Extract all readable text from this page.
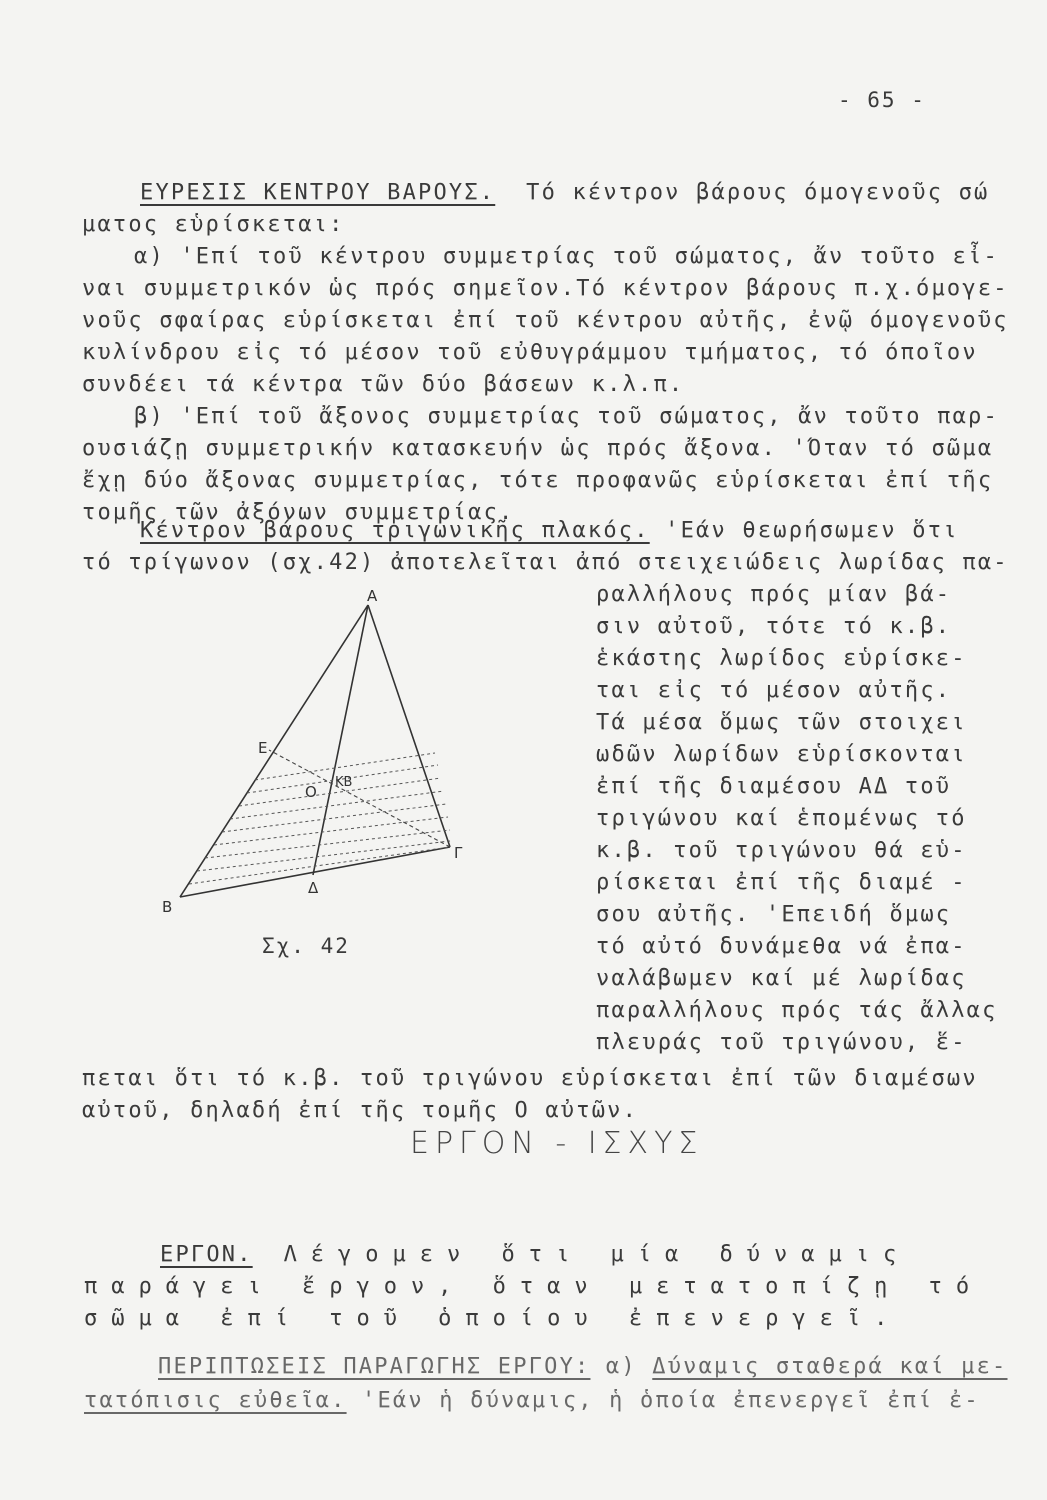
- 65 -
ΕΥΡΕΣΙΣ ΚΕΝΤΡΟΥ ΒΑΡΟΥΣ. Τό κέντρον βάρους όμογενοῦς σώ
ματος εὑρίσκεται:
α) 'Επί τοῦ κέντρου συμμετρίας τοῦ σώματος, ἄν τοῦτο εἶ-
ναι συμμετρικόν ὡς πρός σημεῖον.Τό κέντρον βάρους π.χ.όμογε-
νοῦς σφαίρας εὑρίσκεται ἐπί τοῦ κέντρου αὐτῆς, ἐνῷ όμογενοῦς
κυλίνδρου εἰς τό μέσον τοῦ εὐθυγράμμου τμήματος, τό όποῖον
συνδέει τά κέντρα τῶν δύο βάσεων κ.λ.π.
β) 'Επί τοῦ ἄξονος συμμετρίας τοῦ σώματος, ἄν τοῦτο παρ-
ουσιάζῃ συμμετρικήν κατασκευήν ὡς πρός ἄξονα. 'Όταν τό σῶμα
ἔχῃ δύο ἄξονας συμμετρίας, τότε προφανῶς εὑρίσκεται ἐπί τῆς
τομῆς τῶν ἀξόνων συμμετρίας.
Κέντρον βάρους τριγωνικῆς πλακός. 'Εάν θεωρήσωμεν ὅτι
τό τρίγωνον (σχ.42) ἀποτελεῖται ἀπό στειχειώδεις λωρίδας πα-
ραλλήλους πρός μίαν βά-
σιν αὐτοῦ, τότε τό κ.β.
ἑκάστης λωρίδος εὑρίσκε-
ται εἰς τό μέσον αὐτῆς.
Τά μέσα ὅμως τῶν στοιχει
ωδῶν λωρίδων εὑρίσκονται
ἐπί τῆς διαμέσου ΑΔ τοῦ
τριγώνου καί ἑπομένως τό
κ.β. τοῦ τριγώνου θά εὑ-
ρίσκεται ἐπί τῆς διαμέ -
σου αὐτῆς. 'Επειδή ὅμως
τό αὐτό δυνάμεθα νά ἐπα-
ναλάβωμεν καί μέ λωρίδας
παραλλήλους πρός τάς ἄλλας
πλευράς τοῦ τριγώνου, ἕ-
πεται ὅτι τό κ.β. τοῦ τριγώνου εὑρίσκεται ἐπί τῶν διαμέσων
αὐτοῦ, δηλαδή ἐπί τῆς τομῆς Ο αὐτῶν.
Α
Β
Γ
Δ
Ε
Ο
ΚΒ
Σχ. 42
ΕΡΓΟΝ - ΙΣΧΥΣ
ΕΡΓΟΝ. Λέγομεν ὅτι μία δύναμις
παράγει ἔργον, ὅταν μετατοπίζῃ τό
σῶμα ἐπί τοῦ ὁποίου ἐπενεργεῖ.
ΠΕΡΙΠΤΩΣΕΙΣ ΠΑΡΑΓΩΓΗΣ ΕΡΓΟΥ: α) Δύναμις σταθερά καί με-
τατόπισις εὐθεῖα. 'Εάν ἡ δύναμις, ἡ ὁποία ἐπενεργεῖ ἐπί ἐ-
